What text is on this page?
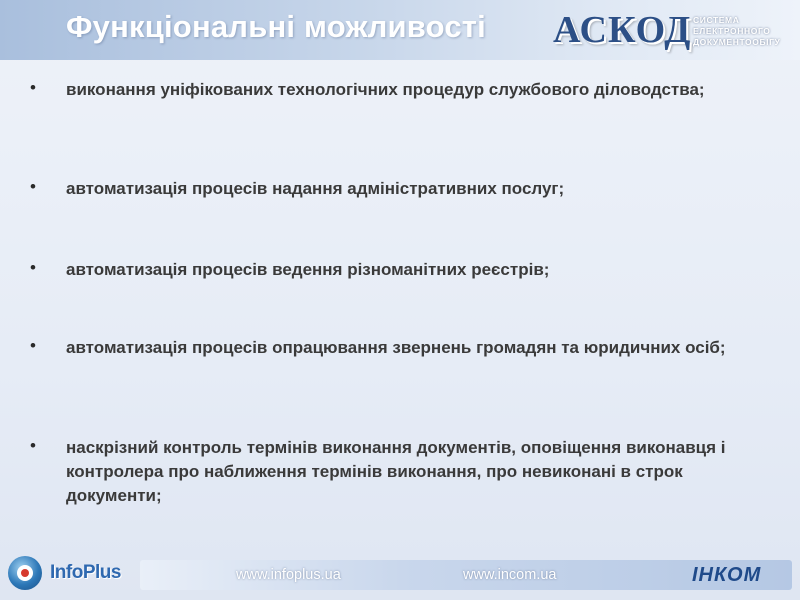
Функціональні можливості АСКОД СИСТЕМА
ЕЛЕКТРОННОГО
ДОКУМЕНТООБІГУ
• виконання уніфікованих технологічних процедур службового діловодства;
• автоматизація процесів надання адміністративних послуг;
• автоматизація процесів ведення різноманітних реєстрів;
• автоматизація процесів опрацювання звернень громадян та юридичних осіб;
• наскрізний контроль термінів виконання документів, оповіщення виконавця і контролера про наближення термінів виконання, про невиконані в строк документи;
InfoPlus	www.infoplus.ua	www.incom.ua	ІНКОМ
